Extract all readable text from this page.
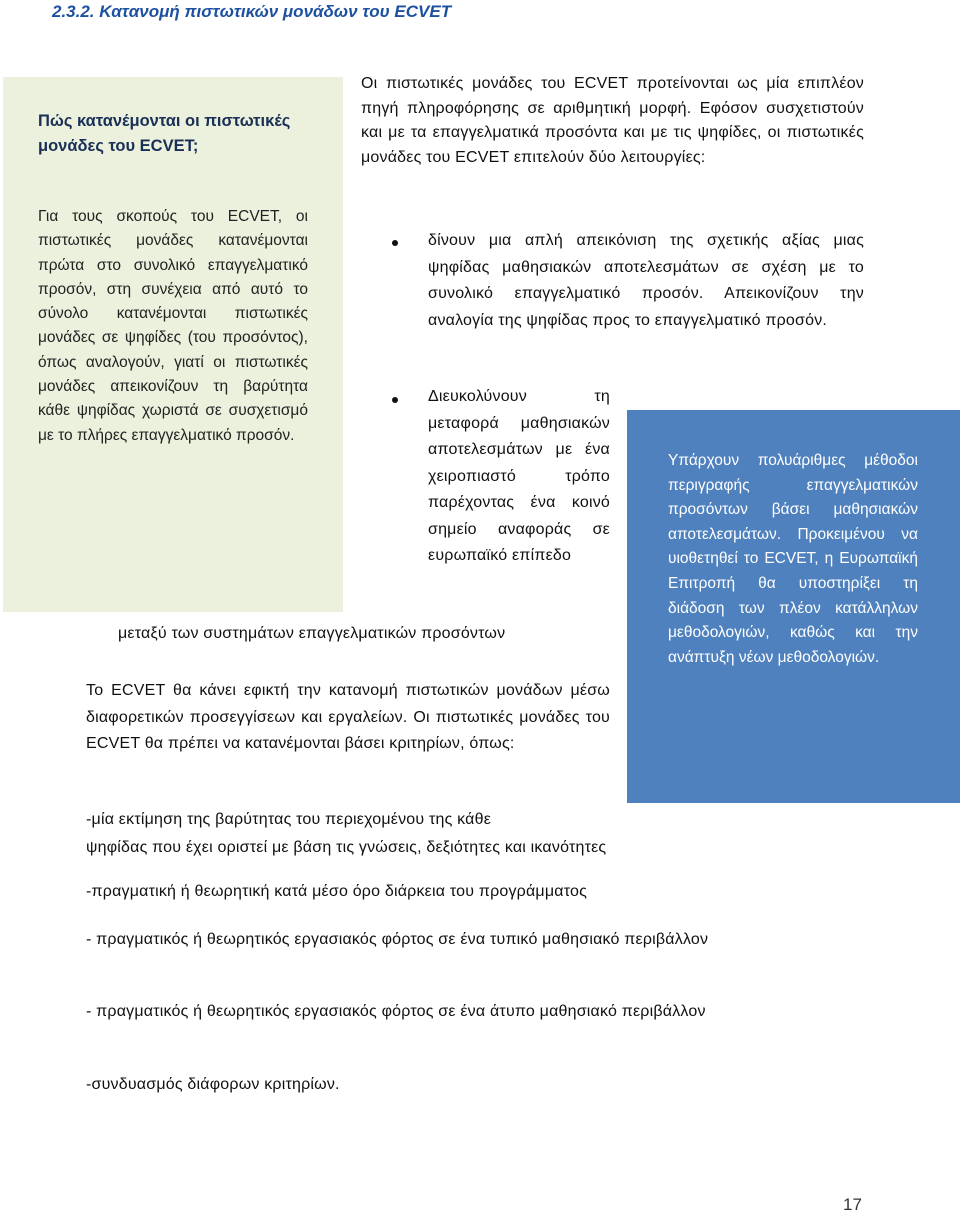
2.3.2. Κατανομή πιστωτικών μονάδων του ECVET
Πώς κατανέμονται οι πιστωτικές μονάδες του ECVET;
Για τους σκοπούς του ECVET, οι πιστωτικές μονάδες κατανέμονται πρώτα στο συνολικό επαγγελματικό προσόν, στη συνέχεια από αυτό το σύνολο κατανέμονται πιστωτικές μονάδες σε ψηφίδες (του προσόντος), όπως αναλογούν, γιατί οι πιστωτικές μονάδες απεικονίζουν τη βαρύτητα κάθε ψηφίδας χωριστά σε συσχετισμό με το πλήρες επαγγελματικό προσόν.
Οι πιστωτικές μονάδες του ECVET προτείνονται ως μία επιπλέον πηγή πληροφόρησης σε αριθμητική μορφή. Εφόσον συσχετιστούν και με τα επαγγελματικά προσόντα και με τις ψηφίδες, οι πιστωτικές μονάδες του ECVET επιτελούν δύο λειτουργίες:
δίνουν μια απλή απεικόνιση της σχετικής αξίας μιας ψηφίδας μαθησιακών αποτελεσμάτων σε σχέση με το συνολικό επαγγελματικό προσόν. Απεικονίζουν την αναλογία της ψηφίδας προς το επαγγελματικό προσόν.
Διευκολύνουν τη μεταφορά μαθησιακών αποτελεσμάτων με ένα χειροπιαστό τρόπο παρέχοντας ένα κοινό σημείο αναφοράς σε ευρωπαϊκό επίπεδο
μεταξύ των συστημάτων επαγγελματικών προσόντων
Υπάρχουν πολυάριθμες μέθοδοι περιγραφής επαγγελματικών προσόντων βάσει μαθησιακών αποτελεσμάτων. Προκειμένου να υιοθετηθεί το ECVET, η Ευρωπαϊκή Επιτροπή θα υποστηρίξει τη διάδοση των πλέον κατάλληλων μεθοδολογιών, καθώς και την ανάπτυξη νέων μεθοδολογιών.
Το ECVET θα κάνει εφικτή την κατανομή πιστωτικών μονάδων μέσω διαφορετικών προσεγγίσεων και εργαλείων. Οι πιστωτικές μονάδες του ECVET θα πρέπει να κατανέμονται βάσει κριτηρίων, όπως:
-μία εκτίμηση της βαρύτητας του περιεχομένου της κάθε
ψηφίδας που έχει οριστεί με βάση τις γνώσεις, δεξιότητες και ικανότητες
-πραγματική ή θεωρητική κατά μέσο όρο διάρκεια του προγράμματος
- πραγματικός ή θεωρητικός εργασιακός φόρτος σε ένα τυπικό μαθησιακό περιβάλλον
- πραγματικός ή θεωρητικός εργασιακός φόρτος σε ένα άτυπο μαθησιακό περιβάλλον
-συνδυασμός διάφορων κριτηρίων.
17
